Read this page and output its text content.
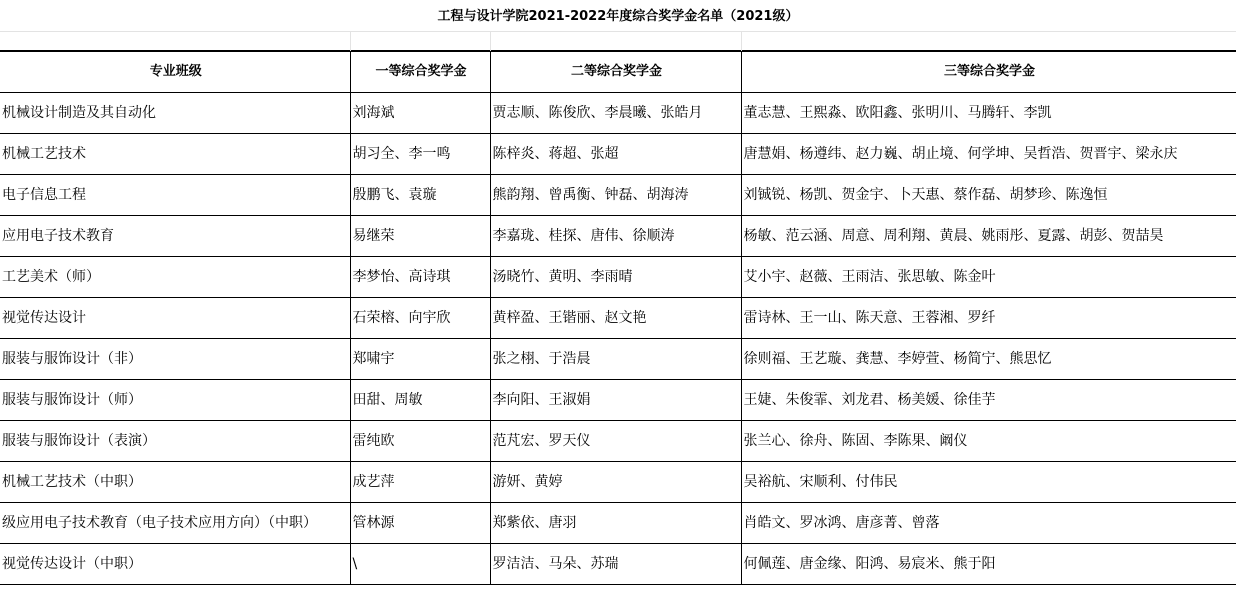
工程与设计学院2021-2022年度综合奖学金名单（2021级）
专业班级	一等综合奖学金	二等综合奖学金	三等综合奖学金
机械设计制造及其自动化	刘海斌	贾志顺、陈俊欣、李晨曦、张皓月	董志慧、王熙淼、欧阳鑫、张明川、马腾轩、李凯
机械工艺技术	胡习全、李一鸣	陈梓炎、蒋超、张超	唐慧娟、杨遵纬、赵力巍、胡止境、何学坤、吴哲浩、贺晋宇、梁永庆
电子信息工程	殷鹏飞、袁璇	熊韵翔、曾禹衡、钟磊、胡海涛	刘铖锐、杨凯、贺金宇、卜天惠、蔡作磊、胡梦珍、陈逸恒
应用电子技术教育	易继荣	李嘉珑、桂探、唐伟、徐顺涛	杨敏、范云涵、周意、周利翔、黄晨、姚雨彤、夏露、胡彭、贺喆昊
工艺美术（师）	李梦怡、高诗琪	汤晓竹、黄明、李雨晴	艾小宇、赵薇、王雨洁、张思敏、陈金叶
视觉传达设计	石荣榕、向宇欣	黄梓盈、王锴丽、赵文艳	雷诗林、王一山、陈天意、王蓉湘、罗纤
服装与服饰设计（非）	郑啸宇	张之栩、于浩晨	徐则福、王艺璇、龚慧、李婷萱、杨简宁、熊思忆
服装与服饰设计（师）	田甜、周敏	李向阳、王淑娟	王婕、朱俊霏、刘龙君、杨美媛、徐佳芋
服装与服饰设计（表演）	雷纯欧	范芃宏、罗天仪	张兰心、徐舟、陈固、李陈果、阚仪
机械工艺技术（中职）	成艺萍	游妍、黄婷	吴裕航、宋顺利、付伟民
级应用电子技术教育（电子技术应用方向）（中职）	管林源	郑紫依、唐羽	肖皓文、罗冰鸿、唐彦菁、曾落
视觉传达设计（中职）	\	罗洁洁、马朵、苏瑞	何佩莲、唐金缘、阳鸿、易宸米、熊于阳
